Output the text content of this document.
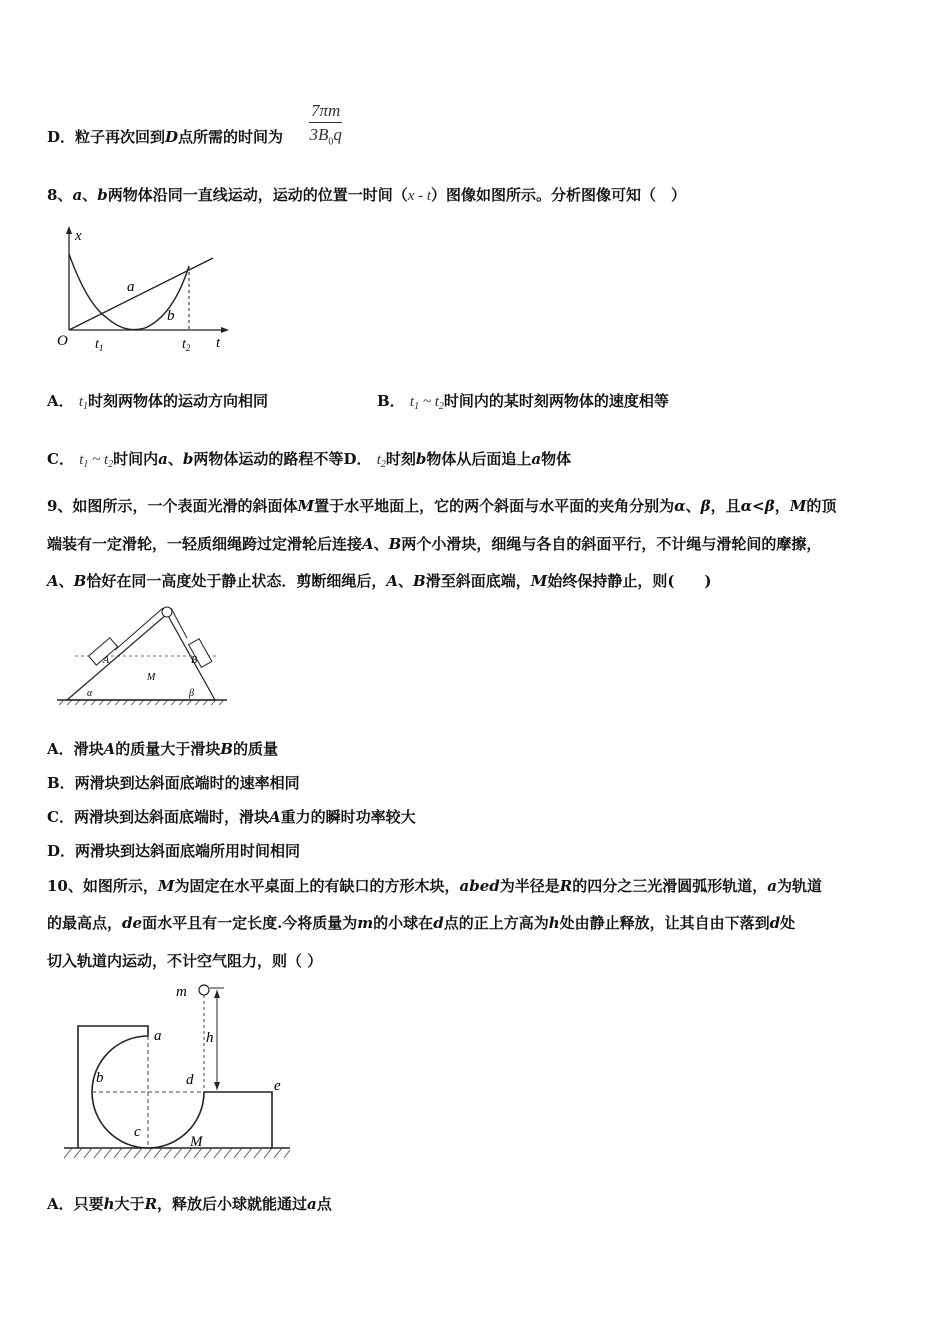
D．粒子再次回到D点所需的时间为 $\frac{7\pi m}{3B_0q}$
8、a、b两物体沿同一直线运动，运动的位置一时间（x - t）图像如图所示。分析图像可知（　）
x
O	t
$t_1$	$t_2$
a
b
A． $t_1$时刻两物体的运动方向相同	B． $t_1$ ~ $t_2$时间内的某时刻两物体的速度相等
C． $t_1$ ~ $t_2$时间内a、b两物体运动的路程不等D． $t_2$时刻b物体从后面追上a物体
9、如图所示，一个表面光滑的斜面体M置于水平地面上，它的两个斜面与水平面的夹角分别为α、β，且α<β，M的顶
端装有一定滑轮，一轻质细绳跨过定滑轮后连接A、B两个小滑块，细绳与各自的斜面平行，不计绳与滑轮间的摩擦，
A、B恰好在同一高度处于静止状态．剪断细绳后，A、B滑至斜面底端，M始终保持静止，则(　　)
A	B
M
α	β
A．滑块A的质量大于滑块B的质量
B．两滑块到达斜面底端时的速率相同
C．两滑块到达斜面底端时，滑块A重力的瞬时功率较大
D．两滑块到达斜面底端所用时间相同
10、如图所示，M为固定在水平桌面上的有缺口的方形木块，abed为半径是R的四分之三光滑圆弧形轨道，a为轨道
的最高点，de面水平且有一定长度.今将质量为m的小球在d点的正上方高为h处由静止释放，让其自由下落到d处
切入轨道内运动，不计空气阻力，则（ ）
m
h
a
b
c
d	e
M
A．只要h大于R，释放后小球就能通过a点
